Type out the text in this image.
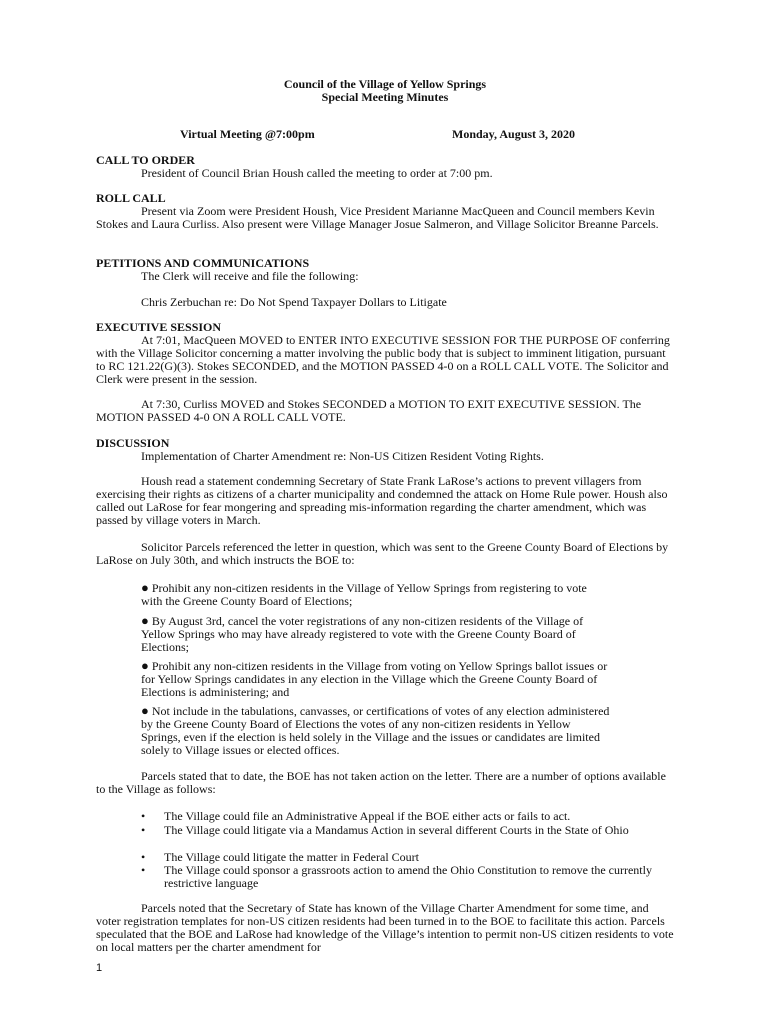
Council of the Village of Yellow Springs
Special Meeting Minutes
Virtual Meeting @7:00pm	Monday, August 3, 2020
CALL TO ORDER
President of Council Brian Housh called the meeting to order at 7:00 pm.
ROLL CALL
Present via Zoom were President Housh, Vice President Marianne MacQueen and Council members Kevin Stokes and Laura Curliss. Also present were Village Manager Josue Salmeron, and Village Solicitor Breanne Parcels.
PETITIONS AND COMMUNICATIONS
The Clerk will receive and file the following:
Chris Zerbuchan re: Do Not Spend Taxpayer Dollars to Litigate
EXECUTIVE SESSION
At 7:01, MacQueen MOVED to ENTER INTO EXECUTIVE SESSION FOR THE PURPOSE OF conferring with the Village Solicitor concerning a matter involving the public body that is subject to imminent litigation, pursuant to RC 121.22(G)(3). Stokes SECONDED, and the MOTION PASSED 4-0 on a ROLL CALL VOTE. The Solicitor and Clerk were present in the session.
At 7:30, Curliss MOVED and Stokes SECONDED a MOTION TO EXIT EXECUTIVE SESSION. The MOTION PASSED 4-0 ON A ROLL CALL VOTE.
DISCUSSION
Implementation of Charter Amendment re: Non-US Citizen Resident Voting Rights.
Housh read a statement condemning Secretary of State Frank LaRose’s actions to prevent villagers from exercising their rights as citizens of a charter municipality and condemned the attack on Home Rule power. Housh also called out LaRose for fear mongering and spreading mis-information regarding the charter amendment, which was passed by village voters in March.
Solicitor Parcels referenced the letter in question, which was sent to the Greene County Board of Elections by LaRose on July 30th, and which instructs the BOE to:
● Prohibit any non-citizen residents in the Village of Yellow Springs from registering to vote with the Greene County Board of Elections;
● By August 3rd, cancel the voter registrations of any non-citizen residents of the Village of Yellow Springs who may have already registered to vote with the Greene County Board of Elections;
● Prohibit any non-citizen residents in the Village from voting on Yellow Springs ballot issues or for Yellow Springs candidates in any election in the Village which the Greene County Board of Elections is administering; and
● Not include in the tabulations, canvasses, or certifications of votes of any election administered by the Greene County Board of Elections the votes of any non-citizen residents in Yellow Springs, even if the election is held solely in the Village and the issues or candidates are limited solely to Village issues or elected offices.
Parcels stated that to date, the BOE has not taken action on the letter. There are a number of options available to the Village as follows:
•	The Village could file an Administrative Appeal if the BOE either acts or fails to act.
•	The Village could litigate via a Mandamus Action in several different Courts in the State of Ohio
•	The Village could litigate the matter in Federal Court
•	The Village could sponsor a grassroots action to amend the Ohio Constitution to remove the currently restrictive language
Parcels noted that the Secretary of State has known of the Village Charter Amendment for some time, and voter registration templates for non-US citizen residents had been turned in to the BOE to facilitate this action. Parcels speculated that the BOE and LaRose had knowledge of the Village’s intention to permit non-US citizen residents to vote on local matters per the charter amendment for
1
